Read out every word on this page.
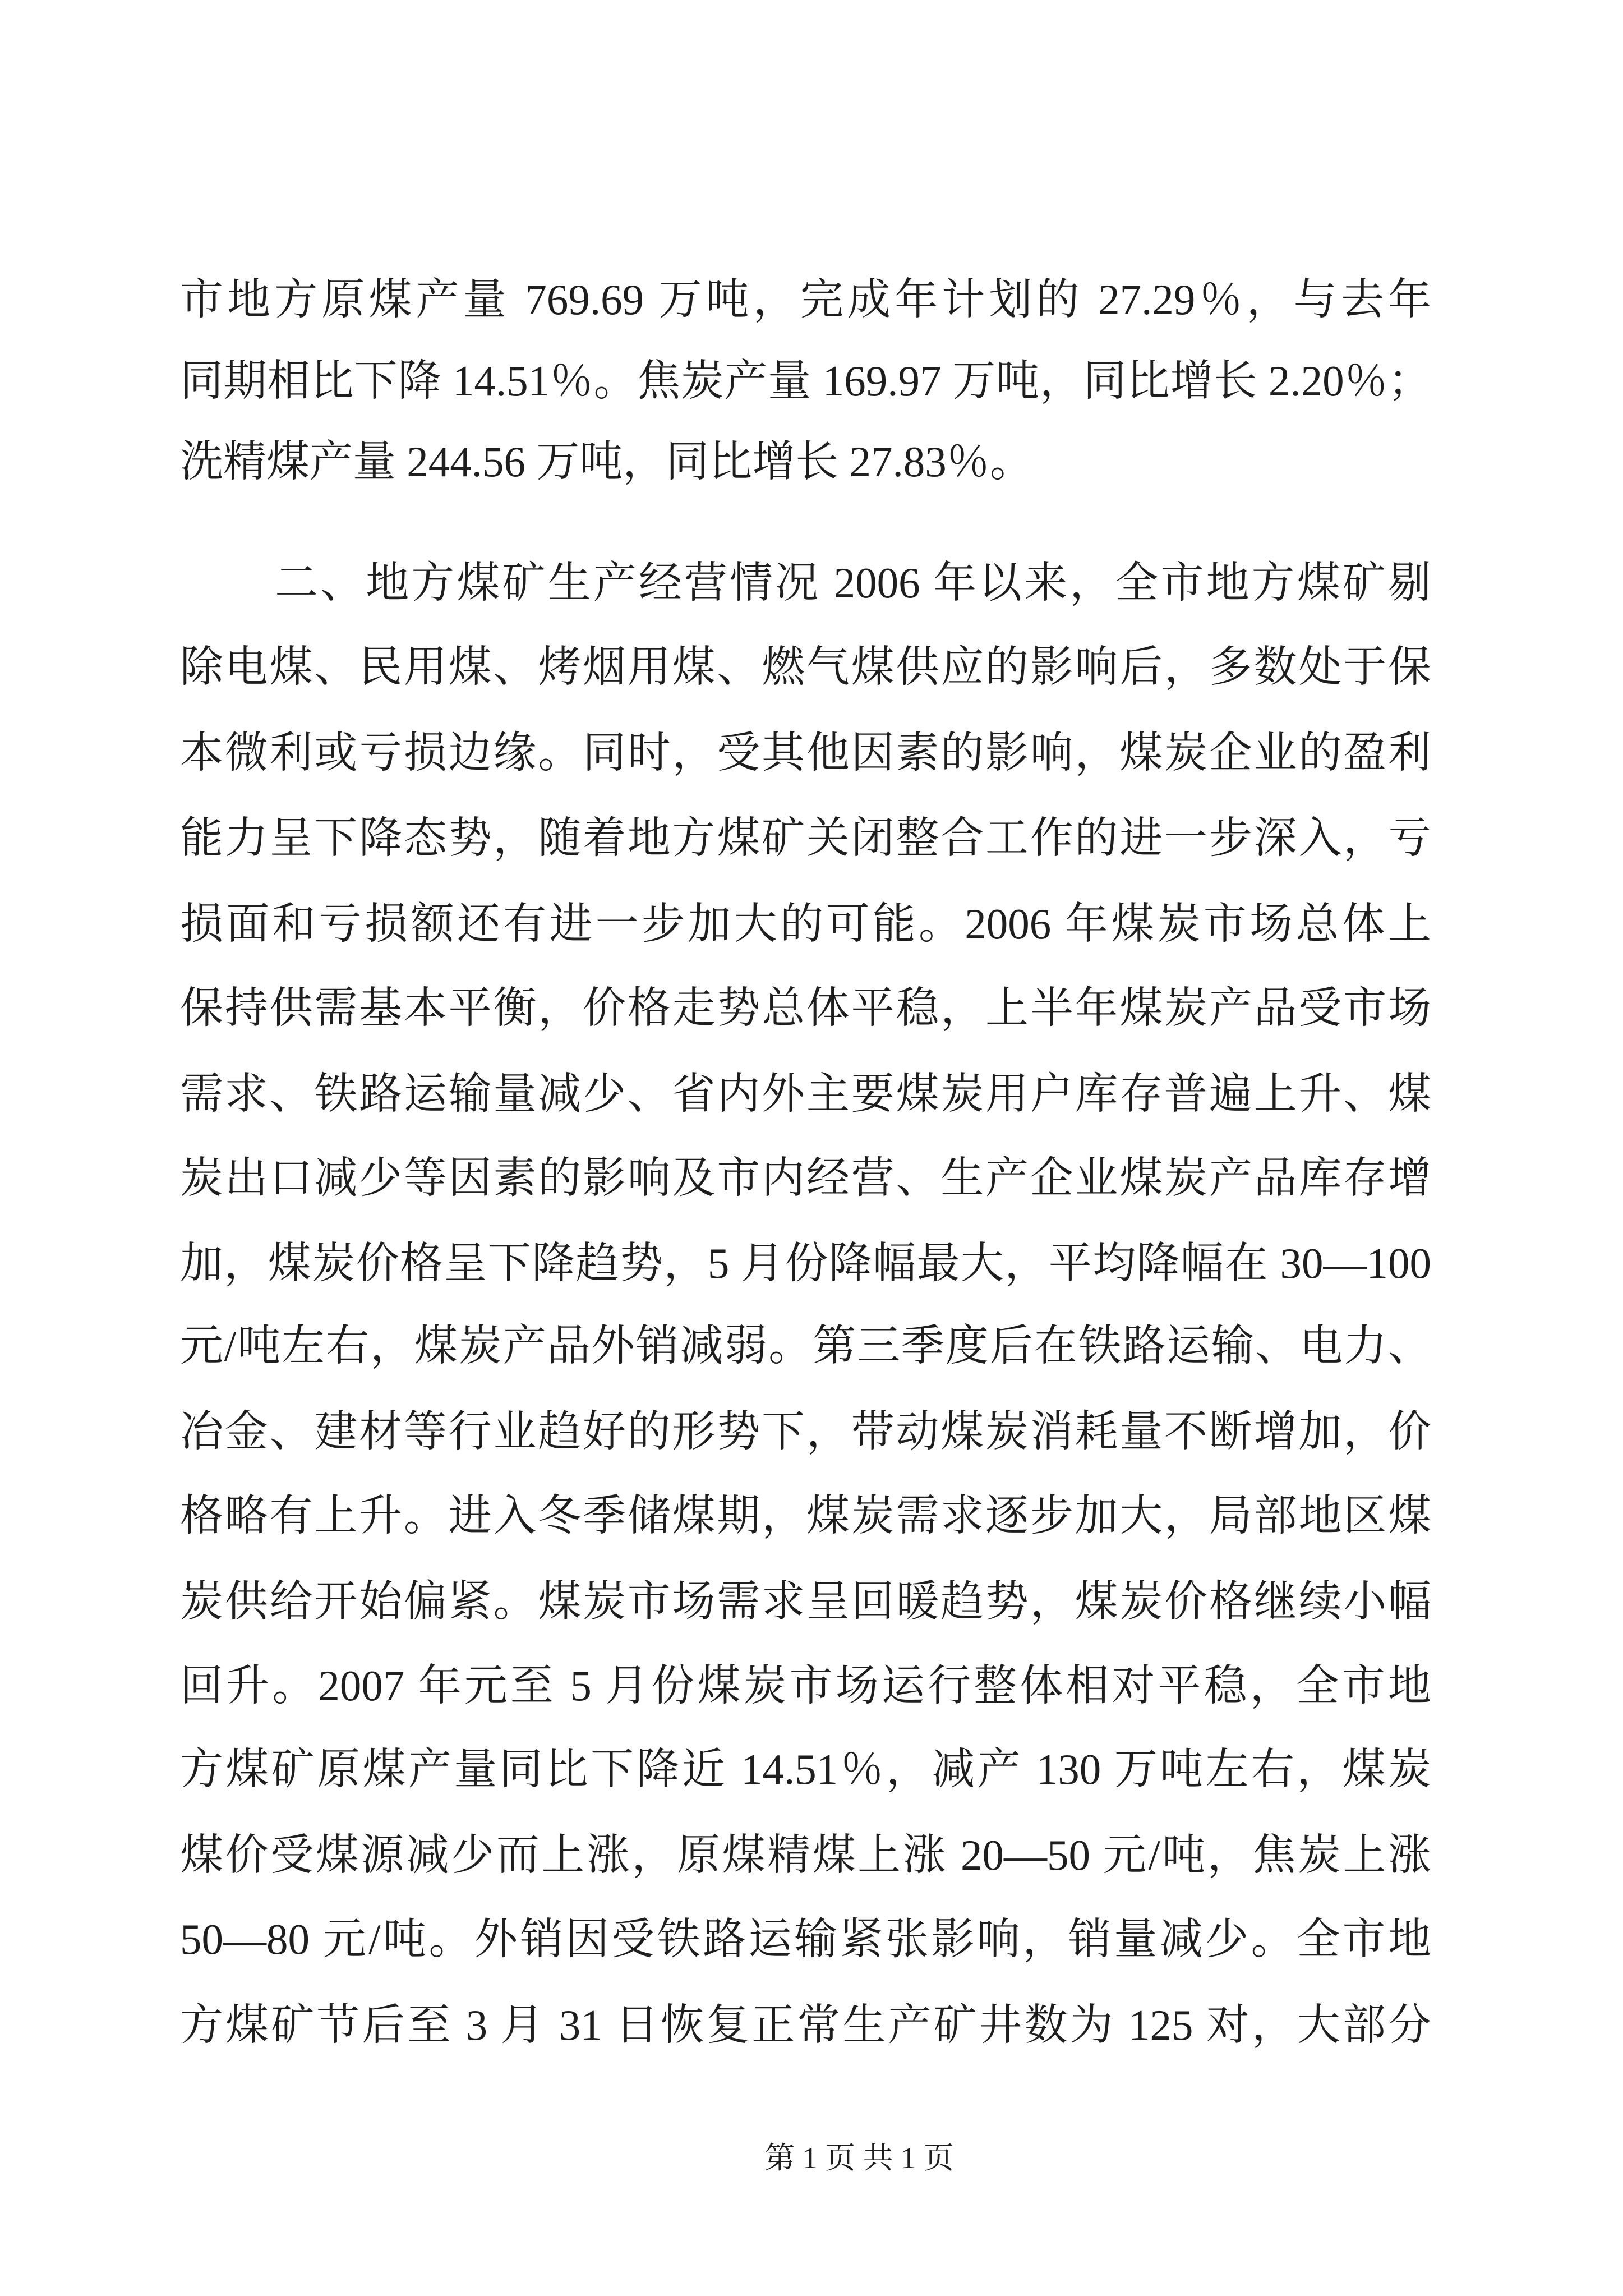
市地方原煤产量 769.69 万吨，完成年计划的 27.29％，与去年
同期相比下降 14.51％。焦炭产量 169.97 万吨，同比增长 2.20％；
洗精煤产量 244.56 万吨，同比增长 27.83％。
二、地方煤矿生产经营情况 2006 年以来，全市地方煤矿剔
除电煤、民用煤、烤烟用煤、燃气煤供应的影响后，多数处于保
本微利或亏损边缘。同时，受其他因素的影响，煤炭企业的盈利
能力呈下降态势，随着地方煤矿关闭整合工作的进一步深入，亏
损面和亏损额还有进一步加大的可能。2006 年煤炭市场总体上
保持供需基本平衡，价格走势总体平稳，上半年煤炭产品受市场
需求、铁路运输量减少、省内外主要煤炭用户库存普遍上升、煤
炭出口减少等因素的影响及市内经营、生产企业煤炭产品库存增
加，煤炭价格呈下降趋势，5 月份降幅最大，平均降幅在 30—100
元/吨左右，煤炭产品外销减弱。第三季度后在铁路运输、电力、
冶金、建材等行业趋好的形势下，带动煤炭消耗量不断增加，价
格略有上升。进入冬季储煤期，煤炭需求逐步加大，局部地区煤
炭供给开始偏紧。煤炭市场需求呈回暖趋势，煤炭价格继续小幅
回升。2007 年元至 5 月份煤炭市场运行整体相对平稳，全市地
方煤矿原煤产量同比下降近 14.51％，减产 130 万吨左右，煤炭
煤价受煤源减少而上涨，原煤精煤上涨 20—50 元/吨，焦炭上涨
50—80 元/吨。外销因受铁路运输紧张影响，销量减少。全市地
方煤矿节后至 3 月 31 日恢复正常生产矿井数为 125 对，大部分
第 1 页 共 1 页
